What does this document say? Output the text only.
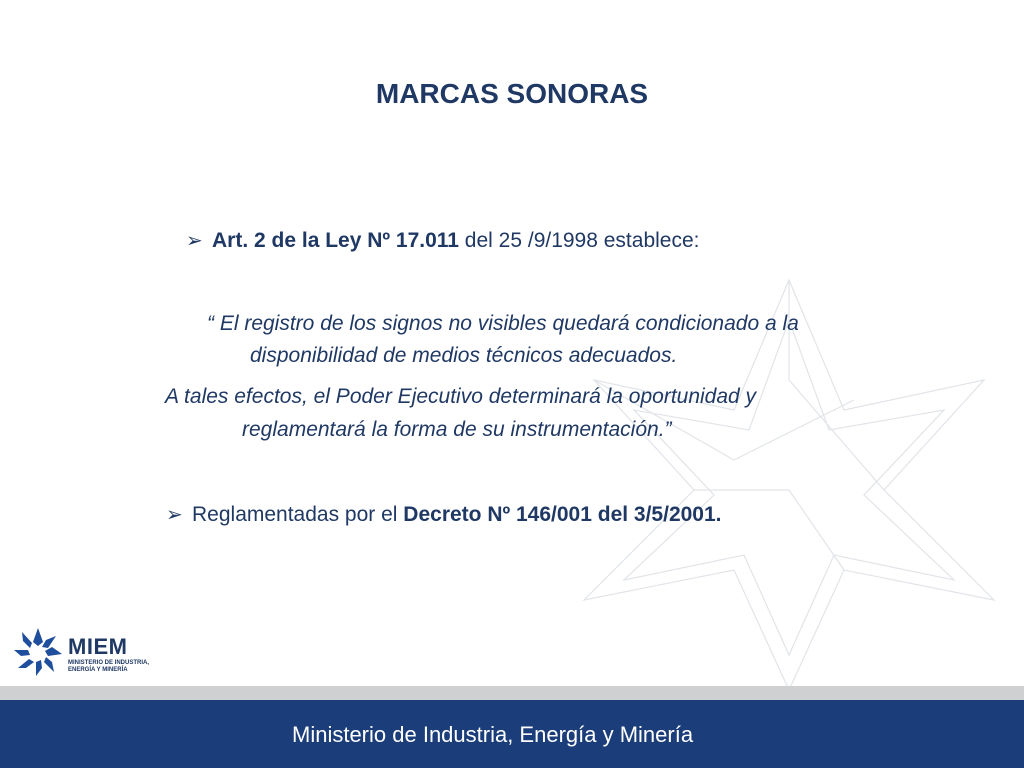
MARCAS SONORAS
➢ Art. 2 de la Ley Nº 17.011 del 25 /9/1998 establece:
“ El registro de los signos no visibles quedará condicionado a la
disponibilidad de medios técnicos adecuados.
A tales efectos, el Poder Ejecutivo determinará la oportunidad y
reglamentará la forma de su instrumentación.”
➢ Reglamentadas por el Decreto Nº 146/001 del 3/5/2001.
MIEM
MINISTERIO DE INDUSTRIA,
ENERGÍA Y MINERÍA
Ministerio de Industria, Energía y Minería
